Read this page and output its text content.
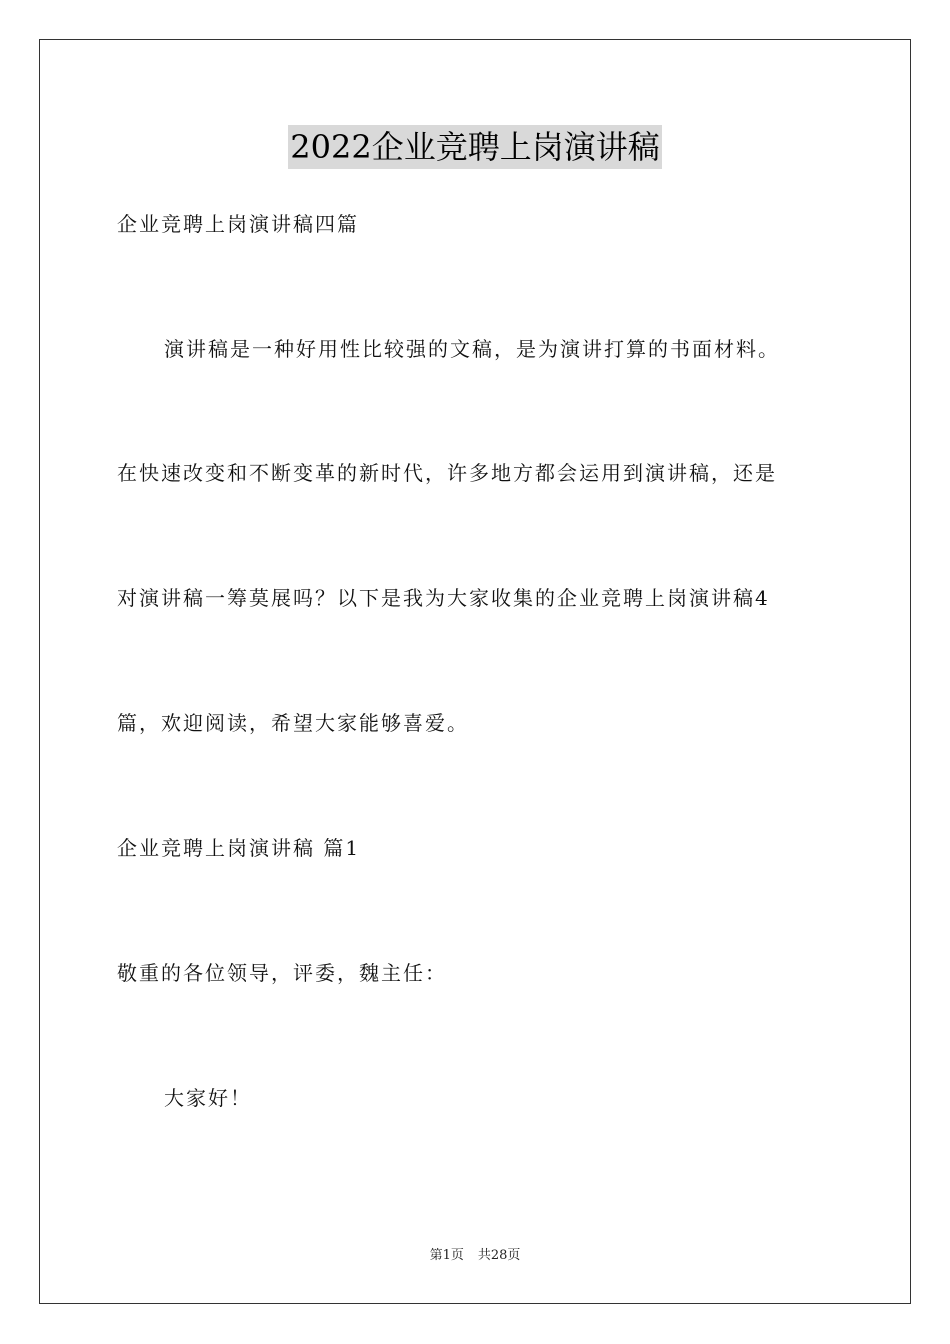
2022企业竞聘上岗演讲稿
企业竞聘上岗演讲稿四篇
演讲稿是一种好用性比较强的文稿，是为演讲打算的书面材料。
在快速改变和不断变革的新时代，许多地方都会运用到演讲稿，还是
对演讲稿一筹莫展吗？以下是我为大家收集的企业竞聘上岗演讲稿4
篇，欢迎阅读，希望大家能够喜爱。
企业竞聘上岗演讲稿 篇1
敬重的各位领导，评委，魏主任：
大家好！
第1页 共28页
